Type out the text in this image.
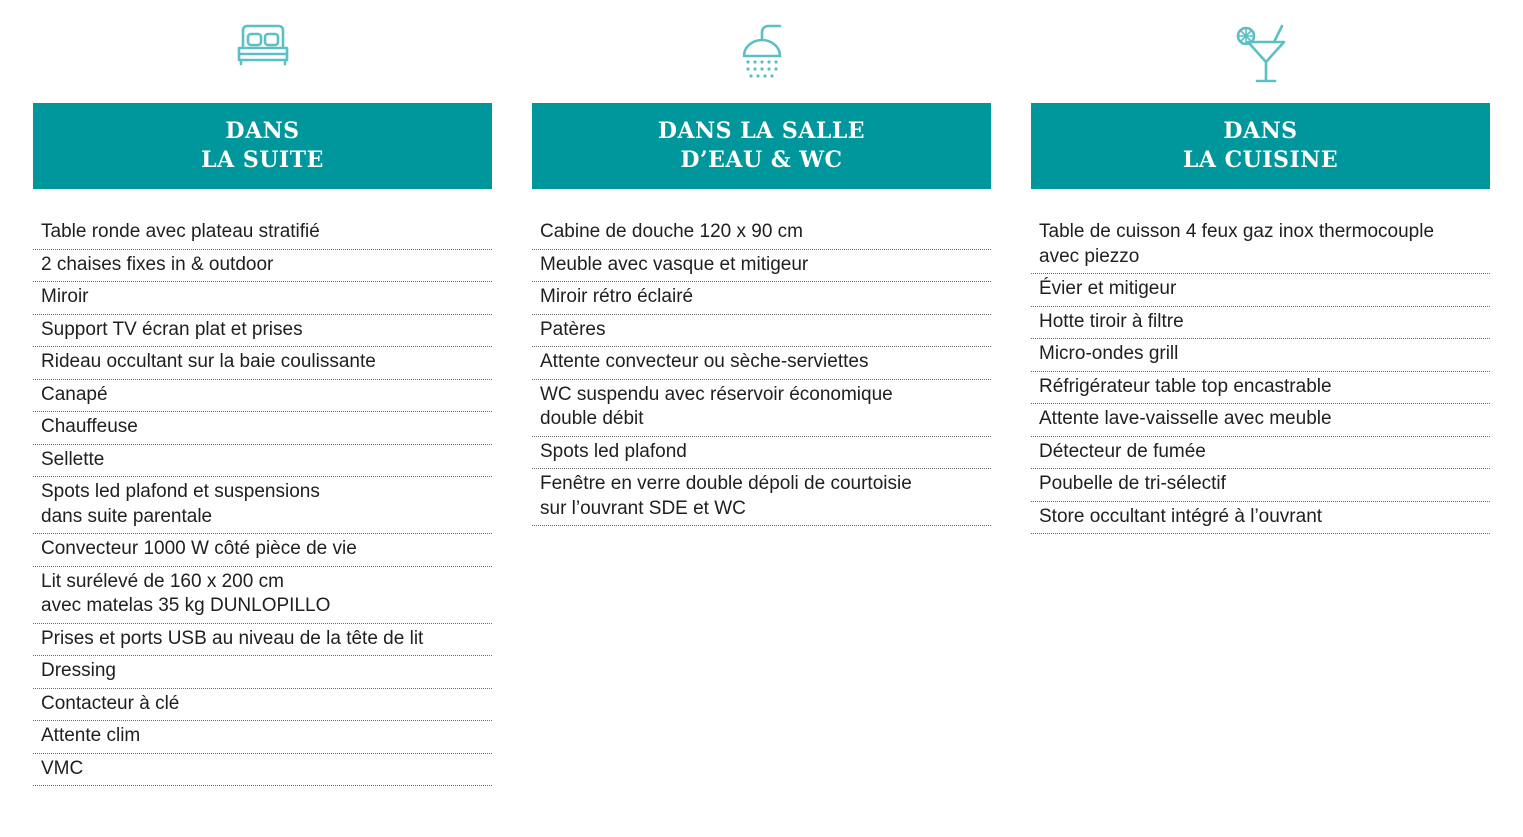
DANS
LA SUITE
Table ronde avec plateau stratifié
2 chaises fixes in & outdoor
Miroir
Support TV écran plat et prises
Rideau occultant sur la baie coulissante
Canapé
Chauffeuse
Sellette
Spots led plafond et suspensions
dans suite parentale
Convecteur 1000 W côté pièce de vie
Lit surélevé de 160 x 200 cm
avec matelas 35 kg DUNLOPILLO
Prises et ports USB au niveau de la tête de lit
Dressing
Contacteur à clé
Attente clim
VMC
DANS LA SALLE
D’EAU & WC
Cabine de douche 120 x 90 cm
Meuble avec vasque et mitigeur
Miroir rétro éclairé
Patères
Attente convecteur ou sèche-serviettes
WC suspendu avec réservoir économique
double débit
Spots led plafond
Fenêtre en verre double dépoli de courtoisie
sur l’ouvrant SDE et WC
DANS
LA CUISINE
Table de cuisson 4 feux gaz inox thermocouple
avec piezzo
Évier et mitigeur
Hotte tiroir à filtre
Micro-ondes grill
Réfrigérateur table top encastrable
Attente lave-vaisselle avec meuble
Détecteur de fumée
Poubelle de tri-sélectif
Store occultant intégré à l’ouvrant
